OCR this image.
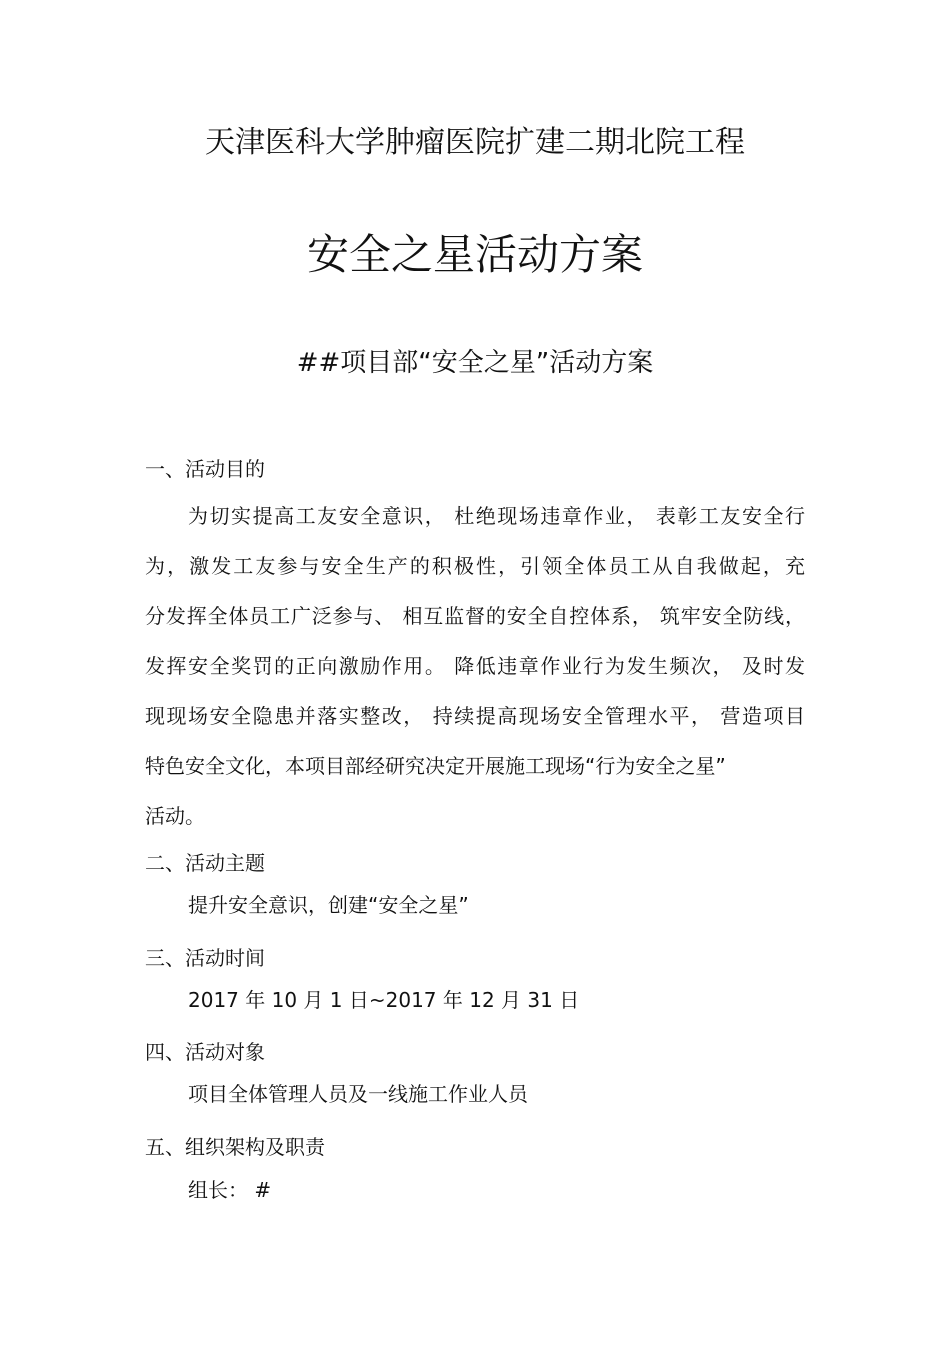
天津医科大学肿瘤医院扩建二期北院工程
安全之星活动方案
##项目部“安全之星”活动方案
一、活动目的
为切实提高工友安全意识， 杜绝现场违章作业， 表彰工友安全行
为，激发工友参与安全生产的积极性，引领全体员工从自我做起，充
分发挥全体员工广泛参与、 相互监督的安全自控体系， 筑牢安全防线，
发挥安全奖罚的正向激励作用。 降低违章作业行为发生频次， 及时发
现现场安全隐患并落实整改， 持续提高现场安全管理水平， 营造项目
特色安全文化，本项目部经研究决定开展施工现场“行为安全之星”
活动。
二、活动主题
提升安全意识，创建“安全之星”
三、活动时间
2017 年 10 月 1 日~2017 年 12 月 31 日
四、活动对象
项目全体管理人员及一线施工作业人员
五、组织架构及职责
组长： #
